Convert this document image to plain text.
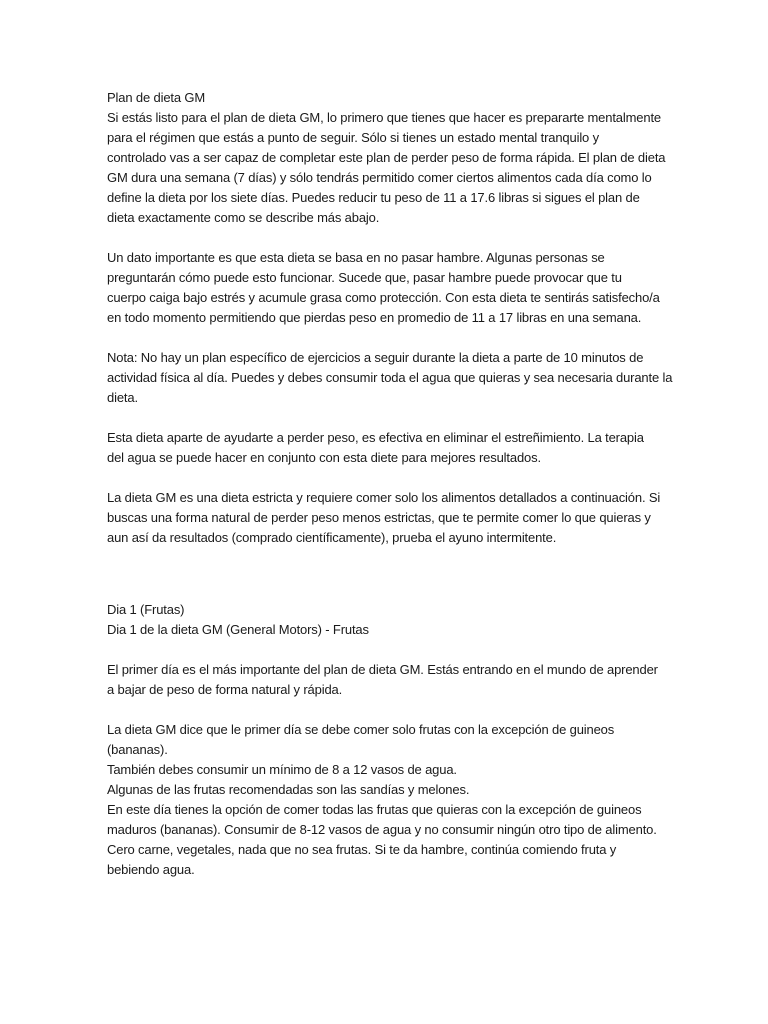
Plan de dieta GM
Si estás listo para el plan de dieta GM, lo primero que tienes que hacer es prepararte mentalmente
para el régimen que estás a punto de seguir. Sólo si tienes un estado mental tranquilo y
controlado vas a ser capaz de completar este plan de perder peso de forma rápida. El plan de dieta
GM dura una semana (7 días) y sólo tendrás permitido comer ciertos alimentos cada día como lo
define la dieta por los siete días. Puedes reducir tu peso de 11 a 17.6 libras si sigues el plan de
dieta exactamente como se describe más abajo.
Un dato importante es que esta dieta se basa en no pasar hambre. Algunas personas se
preguntarán cómo puede esto funcionar. Sucede que, pasar hambre puede provocar que tu
cuerpo caiga bajo estrés y acumule grasa como protección. Con esta dieta te sentirás satisfecho/a
en todo momento permitiendo que pierdas peso en promedio de 11 a 17 libras en una semana.
Nota: No hay un plan específico de ejercicios a seguir durante la dieta a parte de 10 minutos de
actividad física al día. Puedes y debes consumir toda el agua que quieras y sea necesaria durante la
dieta.
Esta dieta aparte de ayudarte a perder peso, es efectiva en eliminar el estreñimiento. La terapia
del agua se puede hacer en conjunto con esta diete para mejores resultados.
La dieta GM es una dieta estricta y requiere comer solo los alimentos detallados a continuación. Si
buscas una forma natural de perder peso menos estrictas, que te permite comer lo que quieras y
aun así da resultados (comprado científicamente), prueba el ayuno intermitente.
Dia 1 (Frutas)
Dia 1 de la dieta GM (General Motors) - Frutas
El primer día es el más importante del plan de dieta GM. Estás entrando en el mundo de aprender
a bajar de peso de forma natural y rápida.
La dieta GM dice que le primer día se debe comer solo frutas con la excepción de guineos
(bananas).
También debes consumir un mínimo de 8 a 12 vasos de agua.
Algunas de las frutas recomendadas son las sandías y melones.
En este día tienes la opción de comer todas las frutas que quieras con la excepción de guineos
maduros (bananas). Consumir de 8-12 vasos de agua y no consumir ningún otro tipo de alimento.
Cero carne, vegetales, nada que no sea frutas. Si te da hambre, continúa comiendo fruta y
bebiendo agua.
